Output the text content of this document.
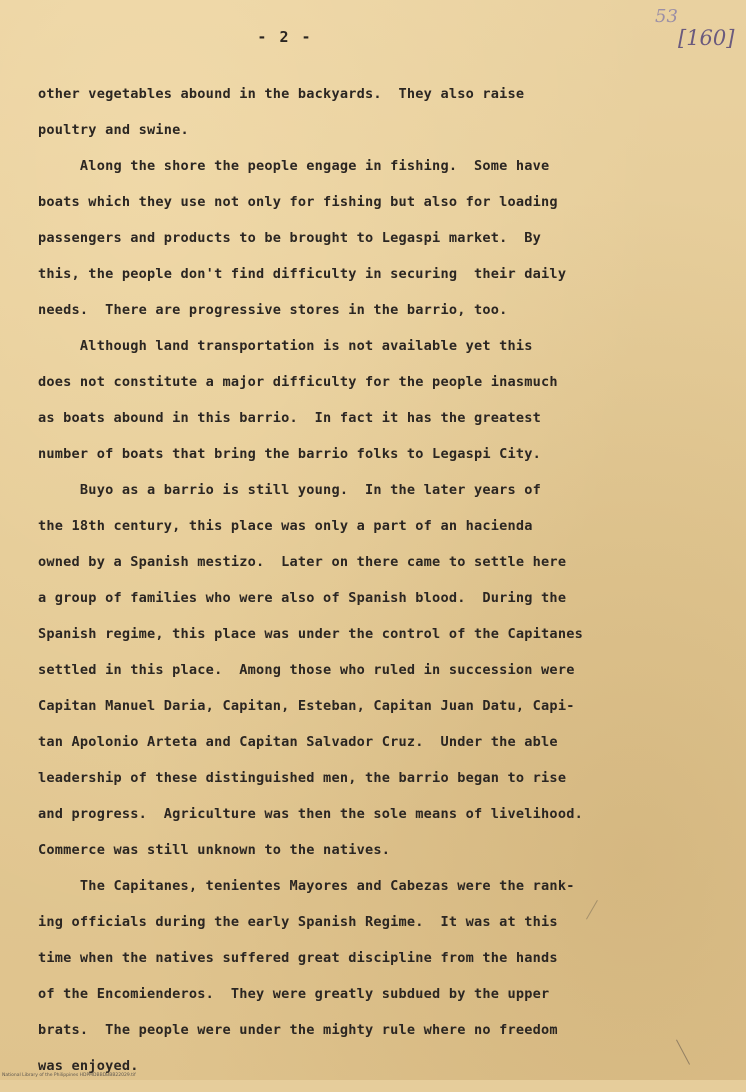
- 2 -
53
[160]
other vegetables abound in the backyards.  They also raise
poultry and swine.
Along the shore the people engage in fishing.  Some have
boats which they use not only for fishing but also for loading
passengers and products to be brought to Legaspi market.  By
this, the people don't find difficulty in securing  their daily
needs.  There are progressive stores in the barrio, too.
Although land transportation is not available yet this
does not constitute a major difficulty for the people inasmuch
as boats abound in this barrio.  In fact it has the greatest
number of boats that bring the barrio folks to Legaspi City.
Buyo as a barrio is still young.  In the later years of
the 18th century, this place was only a part of an hacienda
owned by a Spanish mestizo.  Later on there came to settle here
a group of families who were also of Spanish blood.  During the
Spanish regime, this place was under the control of the Capitanes
settled in this place.  Among those who ruled in succession were
Capitan Manuel Daria, Capitan, Esteban, Capitan Juan Datu, Capi-
tan Apolonio Arteta and Capitan Salvador Cruz.  Under the able
leadership of these distinguished men, the barrio began to rise
and progress.  Agriculture was then the sole means of livelihood.
Commerce was still unknown to the natives.
The Capitanes, tenientes Mayores and Cabezas were the rank-
ing officials during the early Spanish Regime.  It was at this
time when the natives suffered great discipline from the hands
of the Encomienderos.  They were greatly subdued by the upper
brats.  The people were under the mighty rule where no freedom
was enjoyed.
National Library of the Philippines HDPMDBBDBBB22029.tif
